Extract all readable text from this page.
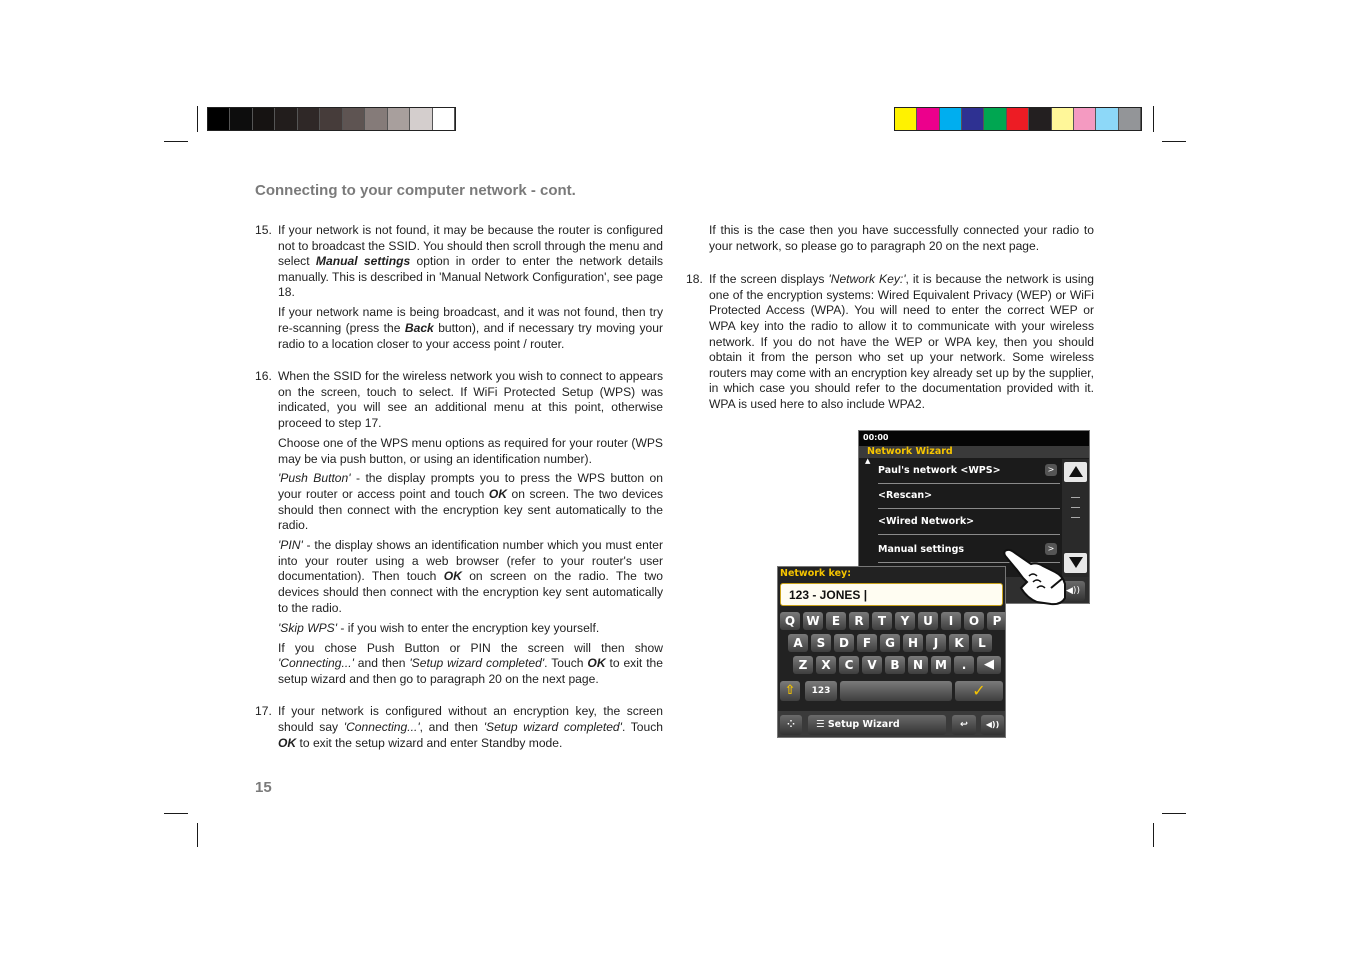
Connecting to your computer network - cont.
15. If your network is not found, it may be because the router is configured not to broadcast the SSID. You should then scroll through the menu and select Manual settings option in order to enter the network details manually. This is described in 'Manual Network Configuration', see page 18.

If your network name is being broadcast, and it was not found, then try re-scanning (press the Back button), and if necessary try moving your radio to a location closer to your access point / router.

16. When the SSID for the wireless network you wish to connect to appears on the screen, touch to select. If WiFi Protected Setup (WPS) was indicated, you will see an additional menu at this point, otherwise proceed to step 17.

Choose one of the WPS menu options as required for your router (WPS may be via push button, or using an identification number).

'Push Button' - the display prompts you to press the WPS button on your router or access point and touch OK on screen. The two devices should then connect with the encryption key sent automatically to the radio.

'PIN' - the display shows an identification number which you must enter into your router using a web browser (refer to your router's user documentation). Then touch OK on screen on the radio. The two devices should then connect with the encryption key sent automatically to the radio.

'Skip WPS' - if you wish to enter the encryption key yourself.

If you chose Push Button or PIN the screen will then show 'Connecting...' and then 'Setup wizard completed'. Touch OK to exit the setup wizard and then go to paragraph 20 on the next page.

17. If your network is configured without an encryption key, the screen should say 'Connecting...', and then 'Setup wizard completed'. Touch OK to exit the setup wizard and enter Standby mode.

If this is the case then you have successfully connected your radio to your network, so please go to paragraph 20 on the next page.

18. If the screen displays 'Network Key:', it is because the network is using one of the encryption systems: Wired Equivalent Privacy (WEP) or WiFi Protected Access (WPA). You will need to enter the correct WEP or WPA key into the radio to allow it to communicate with your wireless network. If you do not have the WEP or WPA key, then you should obtain it from the person who set up your network. Some wireless routers may come with an encryption key already set up by the supplier, in which case you should refer to the documentation provided with it. WPA is used here to also include WPA2.

00:00
Network Wizard
▲
Paul's network <WPS>	>
<Rescan>
<Wired Network>
Manual settings	>
◀))
Network key:
123 - JONES |
Q W	E	R	T	Y	U	I	O	P
A	S	D	F	G	H	J	K	L
Z	X	C	V	B	N	M	.	◀
⇧	123	✓
⁘	☰ Setup Wizard	↩	◀))
15
